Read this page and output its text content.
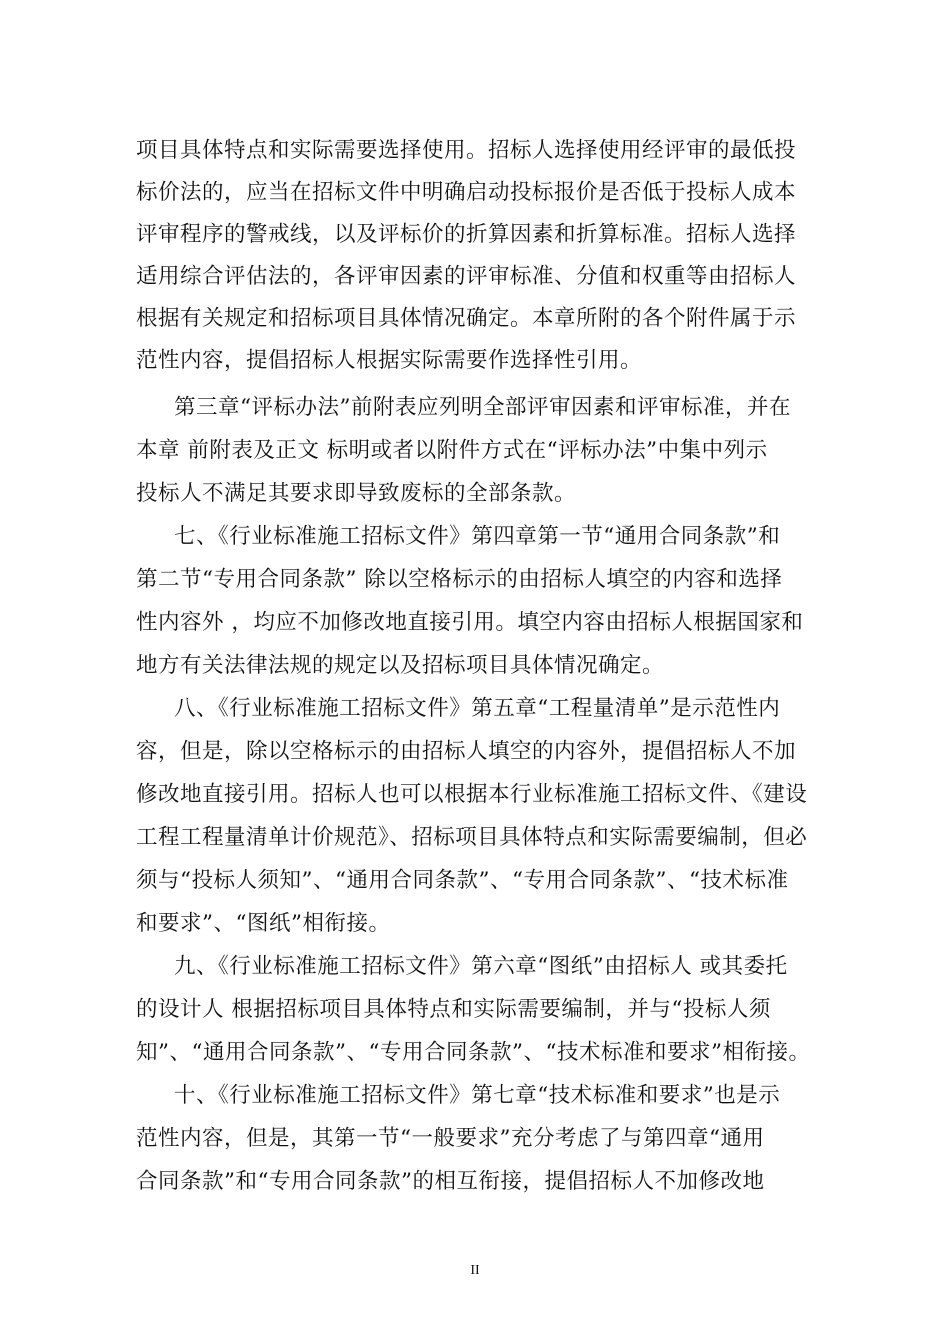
项目具体特点和实际需要选择使用。招标人选择使用经评审的最低投
标价法的，应当在招标文件中明确启动投标报价是否低于投标人成本
评审程序的警戒线，以及评标价的折算因素和折算标准。招标人选择
适用综合评估法的，各评审因素的评审标准、分值和权重等由招标人
根据有关规定和招标项目具体情况确定。本章所附的各个附件属于示
范性内容，提倡招标人根据实际需要作选择性引用。
第三章“评标办法”前附表应列明全部评审因素和评审标准，并在
本章 前附表及正文 标明或者以附件方式在“评标办法”中集中列示
投标人不满足其要求即导致废标的全部条款。
七、《行业标准施工招标文件》第四章第一节“通用合同条款”和
第二节“专用合同条款” 除以空格标示的由招标人填空的内容和选择
性内容外 ，均应不加修改地直接引用。填空内容由招标人根据国家和
地方有关法律法规的规定以及招标项目具体情况确定。
八、《行业标准施工招标文件》第五章“工程量清单”是示范性内
容，但是，除以空格标示的由招标人填空的内容外，提倡招标人不加
修改地直接引用。招标人也可以根据本行业标准施工招标文件、《建设
工程工程量清单计价规范》、招标项目具体特点和实际需要编制，但必
须与“投标人须知”、“通用合同条款”、“专用合同条款”、“技术标准
和要求”、“图纸”相衔接。
九、《行业标准施工招标文件》第六章“图纸”由招标人 或其委托
的设计人 根据招标项目具体特点和实际需要编制，并与“投标人须
知”、“通用合同条款”、“专用合同条款”、“技术标准和要求”相衔接。
十、《行业标准施工招标文件》第七章“技术标准和要求”也是示
范性内容，但是，其第一节“一般要求”充分考虑了与第四章“通用
合同条款”和“专用合同条款”的相互衔接，提倡招标人不加修改地
II
